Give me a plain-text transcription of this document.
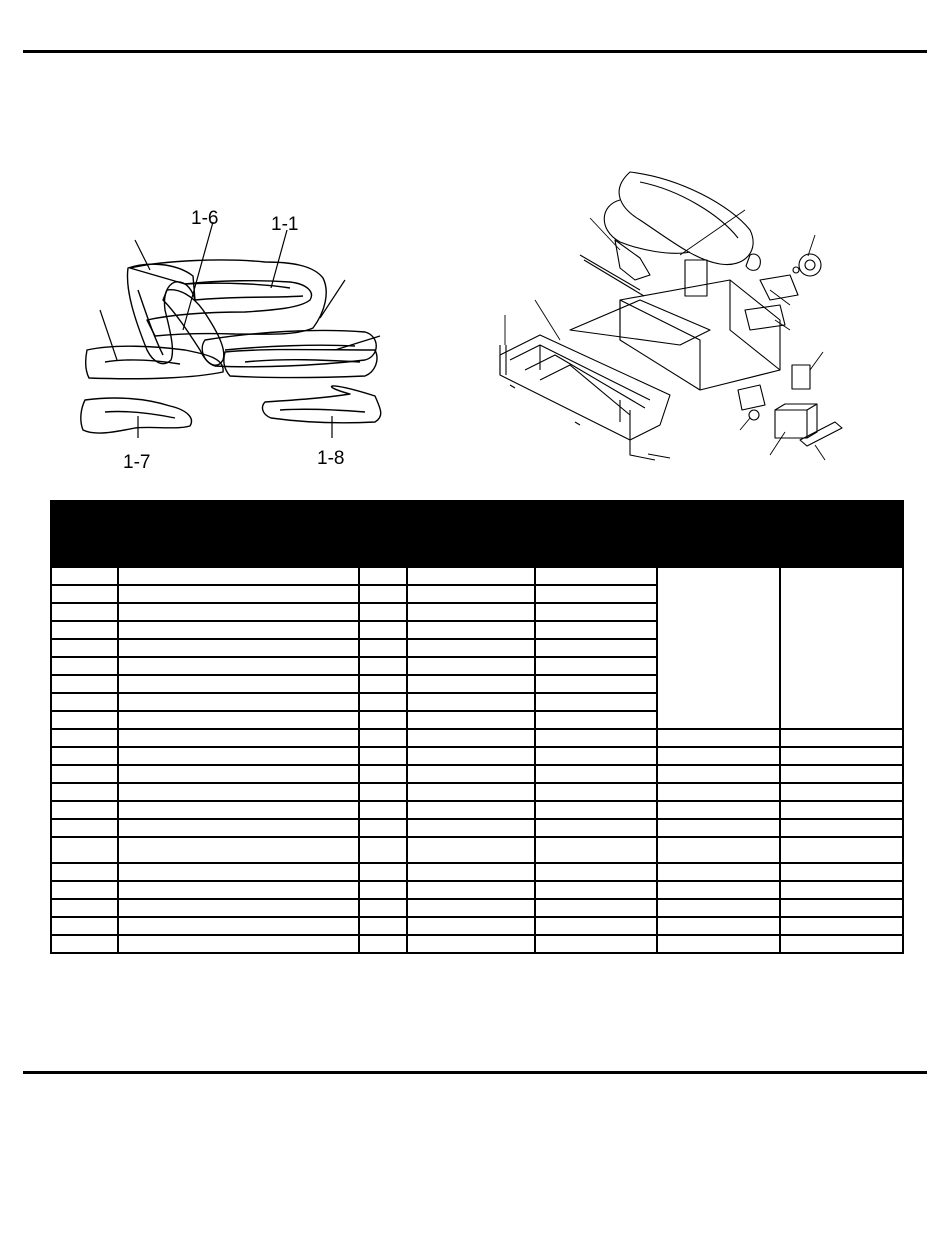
1-6	1-1
1-7	1-8
